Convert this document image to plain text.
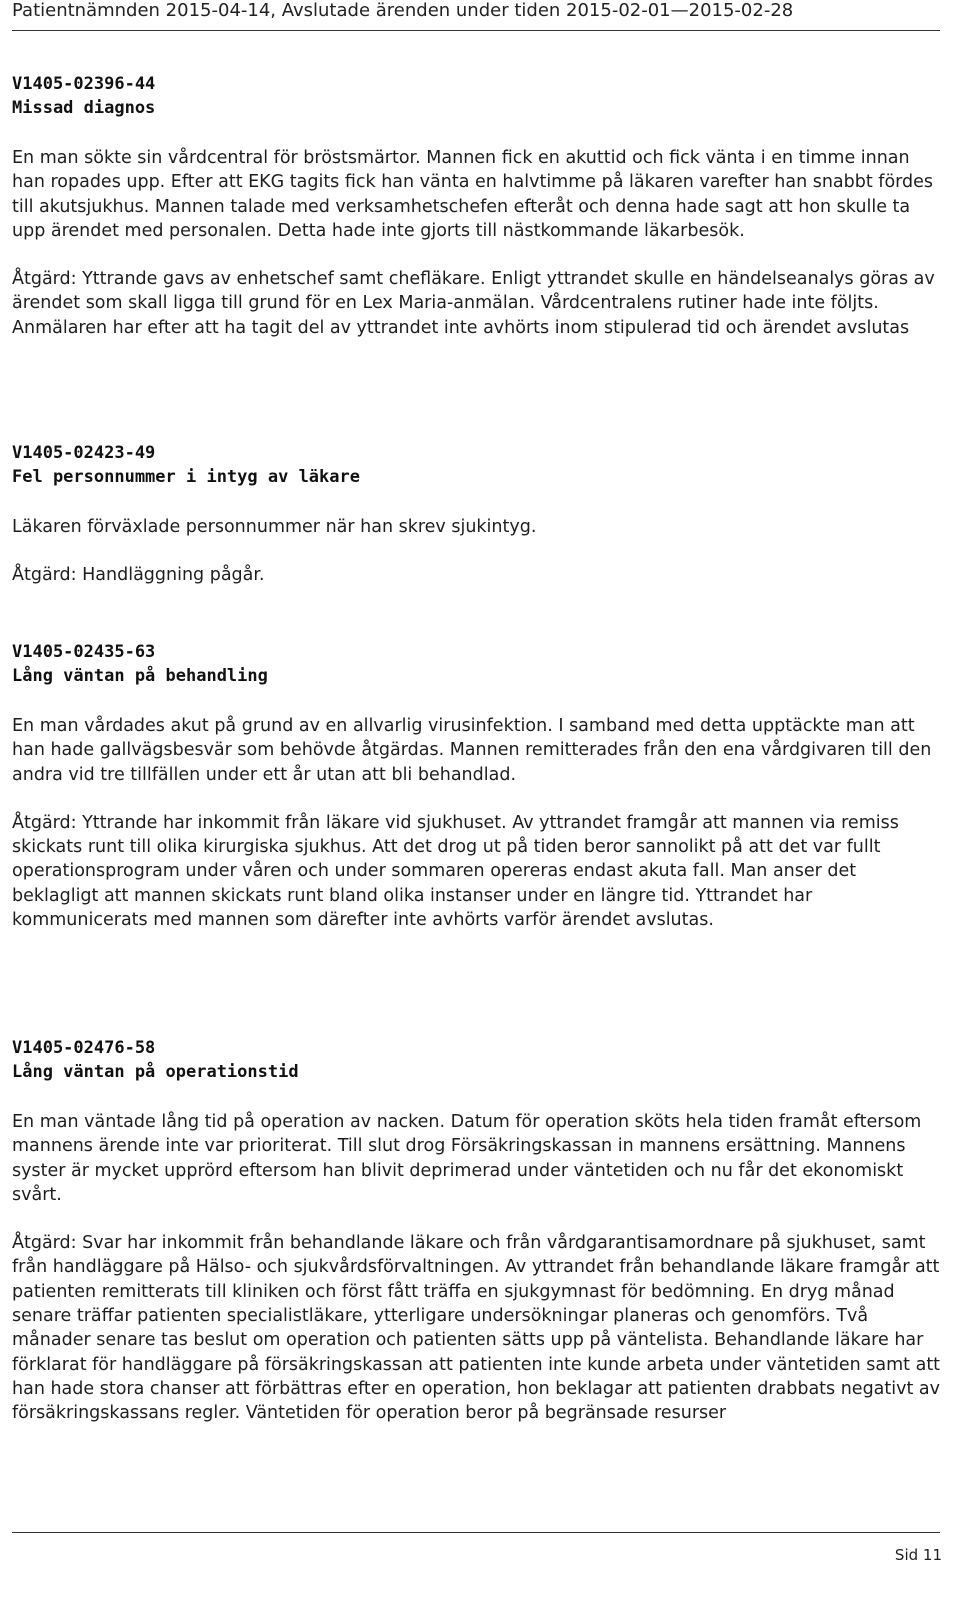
Patientnämnden 2015-04-14, Avslutade ärenden under tiden 2015-02-01—2015-02-28
V1405-02396-44
Missad diagnos
En man sökte sin vårdcentral för bröstsmärtor. Mannen fick en akuttid och fick vänta i en timme innan han ropades upp. Efter att EKG tagits fick han vänta en halvtimme på läkaren varefter han snabbt fördes till akutsjukhus. Mannen talade med verksamhetschefen efteråt och denna hade sagt att hon skulle ta upp ärendet med personalen. Detta hade inte gjorts till nästkommande läkarbesök.
Åtgärd: Yttrande gavs av enhetschef samt chefläkare. Enligt yttrandet skulle en händelseanalys göras av ärendet som skall ligga till grund för en Lex Maria-anmälan. Vårdcentralens rutiner hade inte följts. Anmälaren har efter att ha tagit del av yttrandet inte avhörts inom stipulerad tid och ärendet avslutas
V1405-02423-49
Fel personnummer i intyg av läkare
Läkaren förväxlade personnummer när han skrev sjukintyg.
Åtgärd: Handläggning pågår.
V1405-02435-63
Lång väntan på behandling
En man vårdades akut på grund av en allvarlig virusinfektion. I samband med detta upptäckte man att han hade gallvägsbesvär som behövde åtgärdas. Mannen remitterades från den ena vårdgivaren till den andra vid tre tillfällen under ett år utan att bli behandlad.
Åtgärd: Yttrande har inkommit från läkare vid sjukhuset. Av yttrandet framgår att mannen via remiss skickats runt till olika kirurgiska sjukhus. Att det drog ut på tiden beror sannolikt på att det var fullt operationsprogram under våren och under sommaren opereras endast akuta fall. Man anser det beklagligt att mannen skickats runt bland olika instanser under en längre tid. Yttrandet har kommunicerats med mannen som därefter inte avhörts varför ärendet avslutas.
V1405-02476-58
Lång väntan på operationstid
En man väntade lång tid på operation av nacken. Datum för operation sköts hela tiden framåt eftersom mannens ärende inte var prioriterat. Till slut drog Försäkringskassan in mannens ersättning. Mannens syster är mycket upprörd eftersom han blivit deprimerad under väntetiden och nu får det ekonomiskt svårt.
Åtgärd: Svar har inkommit från behandlande läkare och från vårdgarantisamordnare på sjukhuset, samt från handläggare på Hälso- och sjukvårdsförvaltningen. Av yttrandet från behandlande läkare framgår att patienten remitterats till kliniken och först fått träffa en sjukgymnast för bedömning. En dryg månad senare träffar patienten specialistläkare, ytterligare undersökningar planeras och genomförs. Två månader senare tas beslut om operation och patienten sätts upp på väntelista. Behandlande läkare har förklarat för handläggare på försäkringskassan att patienten inte kunde arbeta under väntetiden samt att han hade stora chanser att förbättras efter en operation, hon beklagar att patienten drabbats negativt av försäkringskassans regler. Väntetiden för operation beror på begränsade resurser
Sid 11
